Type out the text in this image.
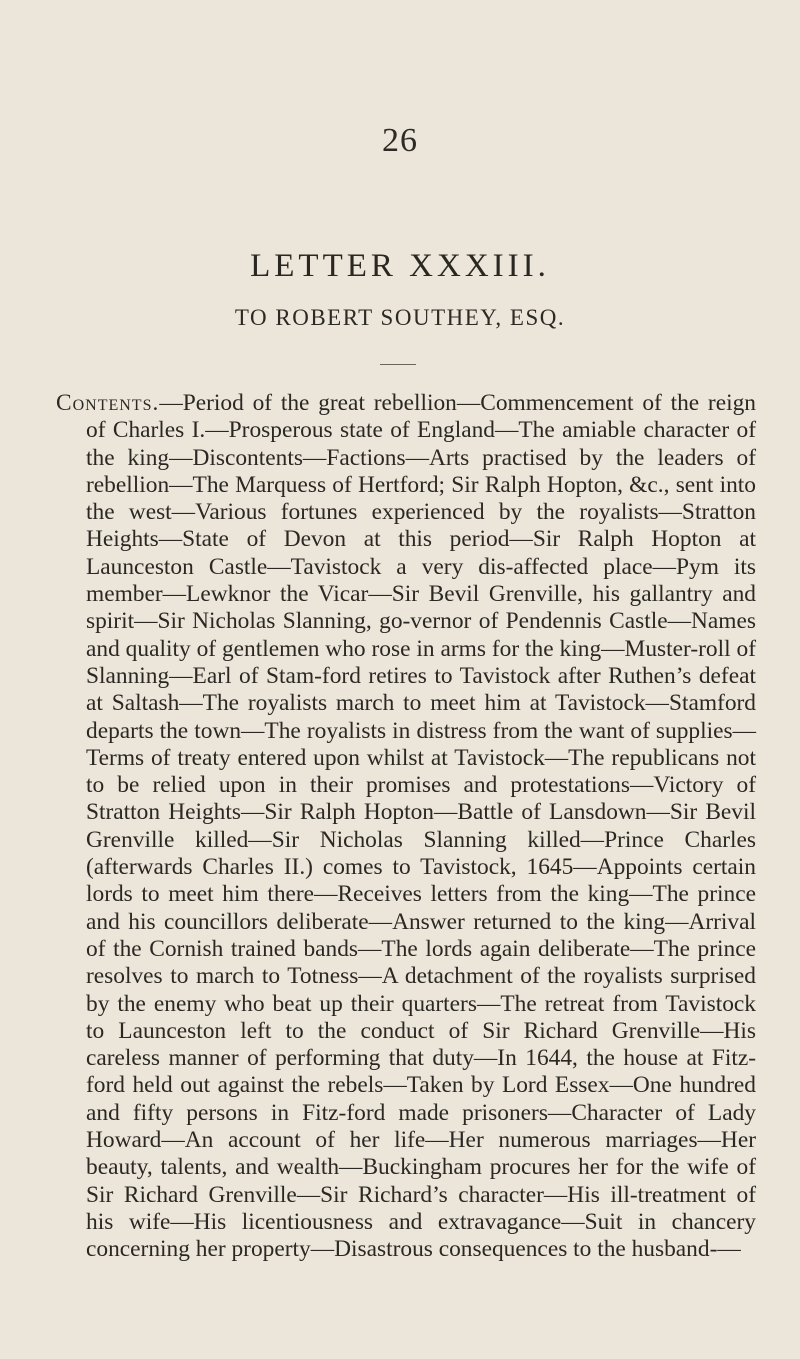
26
LETTER XXXIII.
TO ROBERT SOUTHEY, ESQ.
Contents.—Period of the great rebellion—Commencement of the reign of Charles I.—Prosperous state of England—The amiable character of the king—Discontents—Factions—Arts practised by the leaders of rebellion—The Marquess of Hertford; Sir Ralph Hopton, &c., sent into the west—Various fortunes experienced by the royalists—Stratton Heights—State of Devon at this period—Sir Ralph Hopton at Launceston Castle—Tavistock a very dis-affected place—Pym its member—Lewknor the Vicar—Sir Bevil Grenville, his gallantry and spirit—Sir Nicholas Slanning, go-vernor of Pendennis Castle—Names and quality of gentlemen who rose in arms for the king—Muster-roll of Slanning—Earl of Stam-ford retires to Tavistock after Ruthen’s defeat at Saltash—The royalists march to meet him at Tavistock—Stamford departs the town—The royalists in distress from the want of supplies—Terms of treaty entered upon whilst at Tavistock—The republicans not to be relied upon in their promises and protestations—Victory of Stratton Heights—Sir Ralph Hopton—Battle of Lansdown—Sir Bevil Grenville killed—Sir Nicholas Slanning killed—Prince Charles (afterwards Charles II.) comes to Tavistock, 1645—Appoints certain lords to meet him there—Receives letters from the king—The prince and his councillors deliberate—Answer returned to the king—Arrival of the Cornish trained bands—The lords again deliberate—The prince resolves to march to Totness—A detachment of the royalists surprised by the enemy who beat up their quarters—The retreat from Tavistock to Launceston left to the conduct of Sir Richard Grenville—His careless manner of performing that duty—In 1644, the house at Fitz-ford held out against the rebels—Taken by Lord Essex—One hundred and fifty persons in Fitz-ford made prisoners—Character of Lady Howard—An account of her life—Her numerous marriages—Her beauty, talents, and wealth—Buckingham procures her for the wife of Sir Richard Grenville—Sir Richard’s character—His ill-treatment of his wife—His licentiousness and extravagance—Suit in chancery concerning her property—Disastrous consequences to the husband-—
